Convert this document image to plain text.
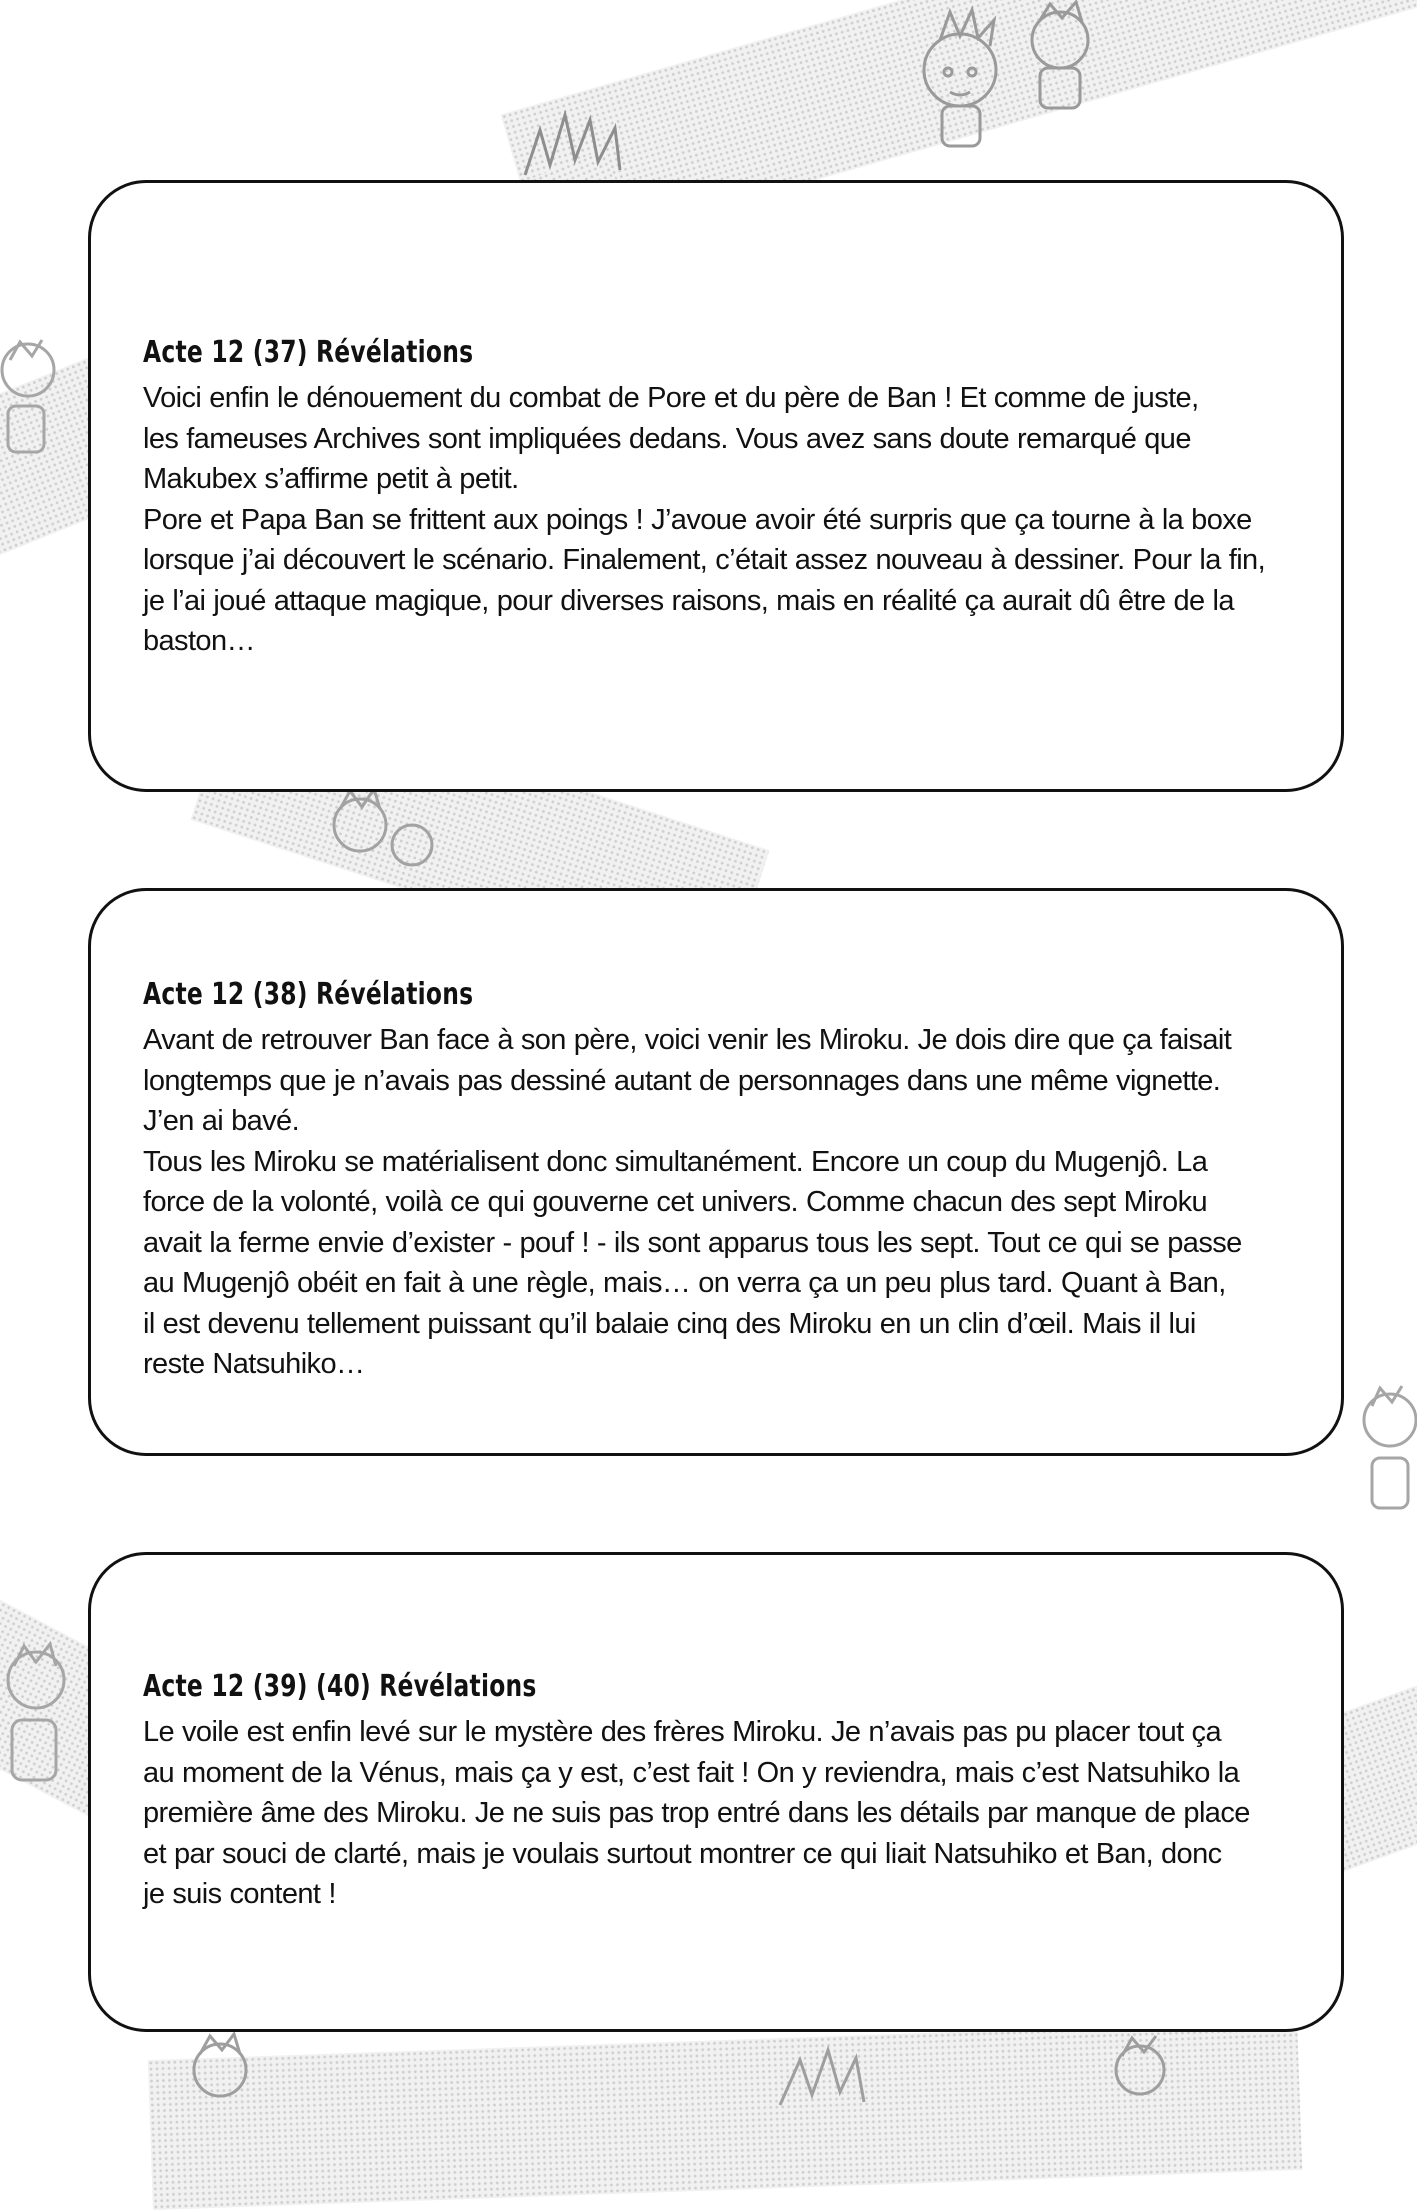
Acte 12 (37) Révélations

Voici enfin le dénouement du combat de Pore et du père de Ban ! Et comme de juste,

les fameuses Archives sont impliquées dedans. Vous avez sans doute remarqué que

Makubex s’affirme petit à petit.

Pore et Papa Ban se frittent aux poings ! J’avoue avoir été surpris que ça tourne à la boxe

lorsque j’ai découvert le scénario. Finalement, c’était assez nouveau à dessiner. Pour la fin,

je l’ai joué attaque magique, pour diverses raisons, mais en réalité ça aurait dû être de la

baston…

Acte 12 (38) Révélations

Avant de retrouver Ban face à son père, voici venir les Miroku. Je dois dire que ça faisait

longtemps que je n’avais pas dessiné autant de personnages dans une même vignette.

J’en ai bavé.

Tous les Miroku se matérialisent donc simultanément. Encore un coup du Mugenjô. La

force de la volonté, voilà ce qui gouverne cet univers. Comme chacun des sept Miroku

avait la ferme envie d’exister - pouf ! - ils sont apparus tous les sept. Tout ce qui se passe

au Mugenjô obéit en fait à une règle, mais… on verra ça un peu plus tard. Quant à Ban,

il est devenu tellement puissant qu’il balaie cinq des Miroku en un clin d’œil. Mais il lui

reste Natsuhiko…

Acte 12 (39) (40) Révélations

Le voile est enfin levé sur le mystère des frères Miroku. Je n’avais pas pu placer tout ça

au moment de la Vénus, mais ça y est, c’est fait ! On y reviendra, mais c’est Natsuhiko la

première âme des Miroku. Je ne suis pas trop entré dans les détails par manque de place

et par souci de clarté, mais je voulais surtout montrer ce qui liait Natsuhiko et Ban, donc

je suis content !
